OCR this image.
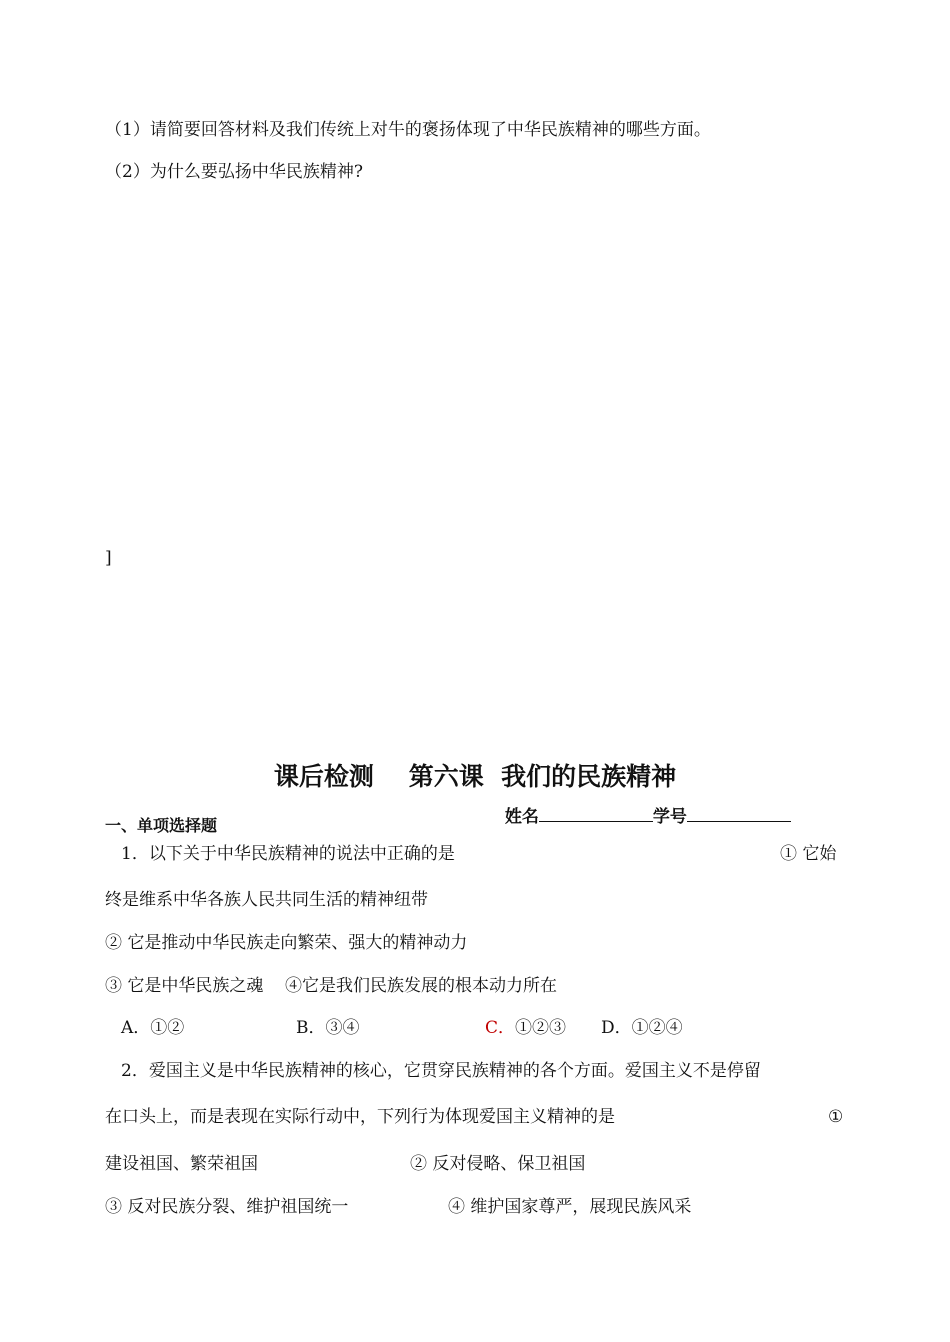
（1）请简要回答材料及我们传统上对牛的褒扬体现了中华民族精神的哪些方面。
（2）为什么要弘扬中华民族精神?
]
课后检测    第六课  我们的民族精神

姓名	学号

一、单项选择题
1．以下关于中华民族精神的说法中正确的是	① 它始
终是维系中华各族人民共同生活的精神纽带
② 它是推动中华民族走向繁荣、强大的精神动力
③ 它是中华民族之魂    ④它是我们民族发展的根本动力所在
A．①②	B．③④	C．①②③ D．①②④
2．爱国主义是中华民族精神的核心，它贯穿民族精神的各个方面。爱国主义不是停留
在口头上，而是表现在实际行动中，下列行为体现爱国主义精神的是	①
建设祖国、繁荣祖国	② 反对侵略、保卫祖国
③ 反对民族分裂、维护祖国统一	④ 维护国家尊严，展现民族风采
